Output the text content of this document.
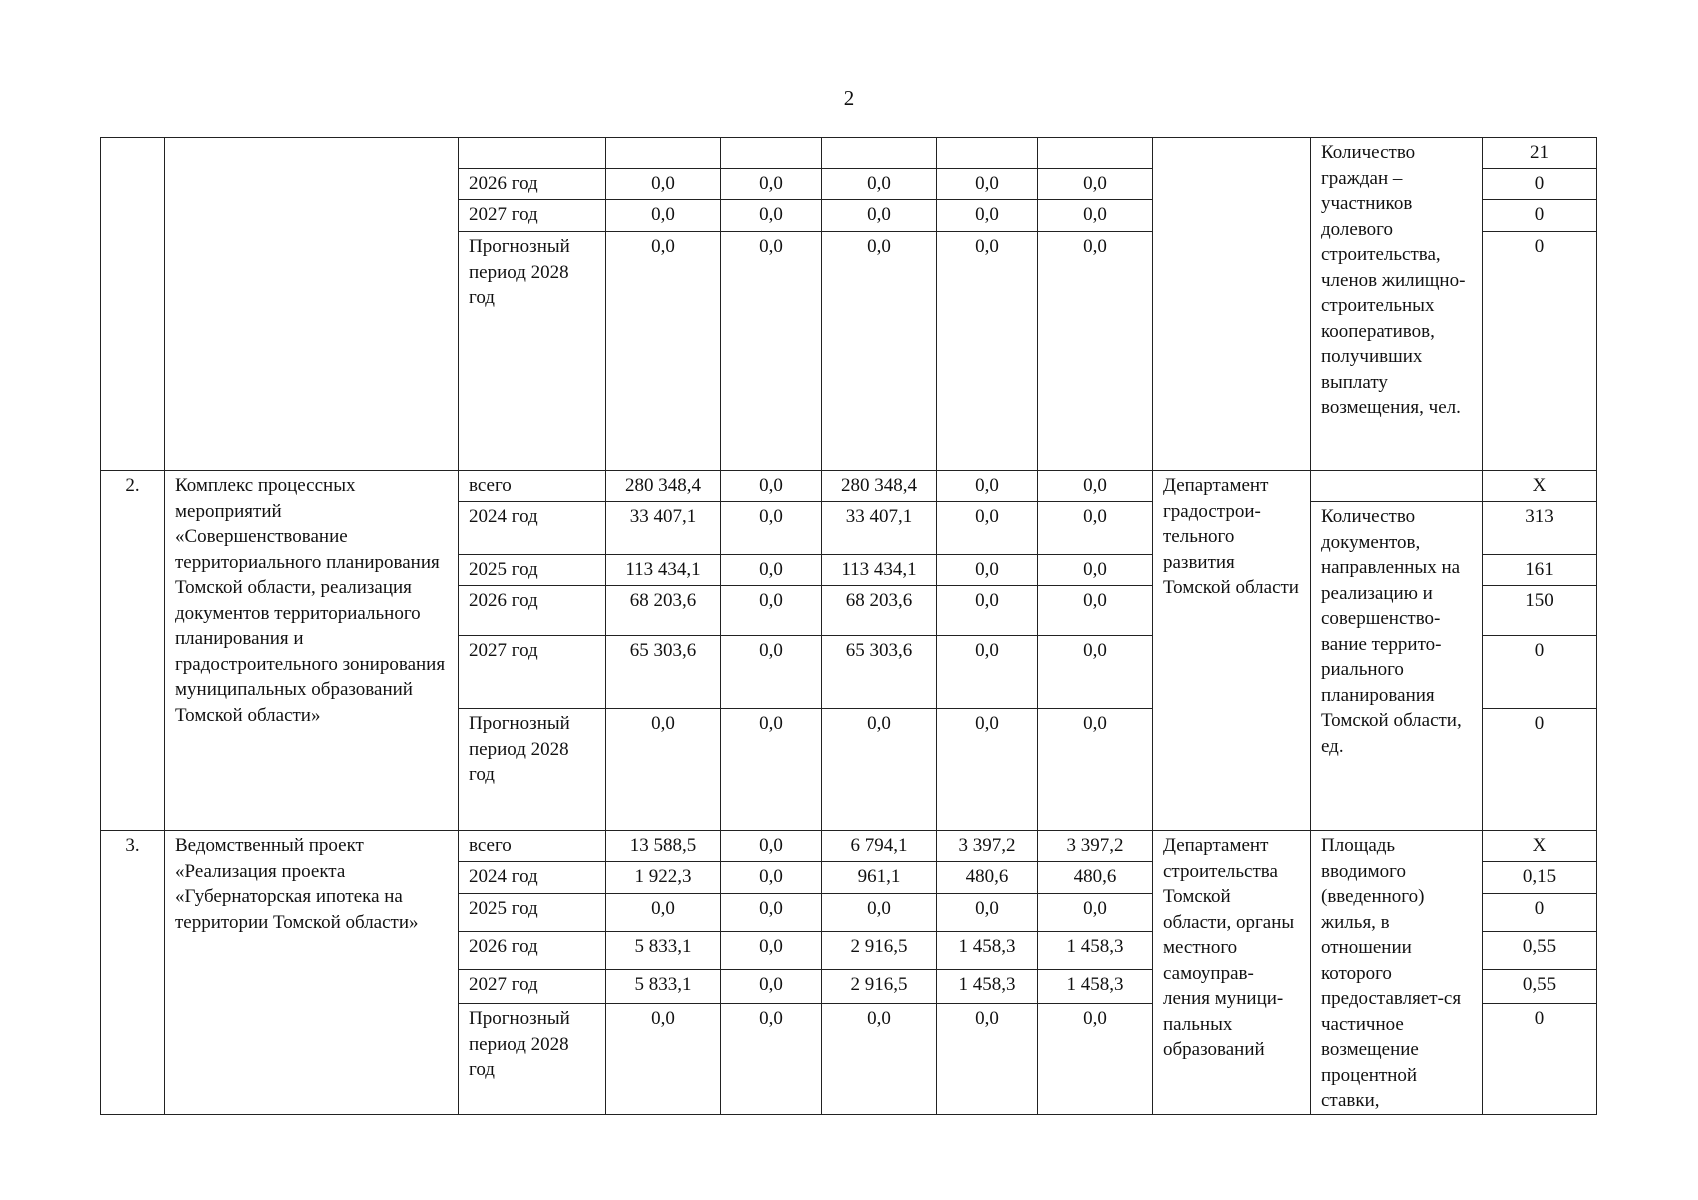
2
									Количество граждан – участников долевого строительства, членов жилищно-строительных кооперативов, получивших выплату возмещения, чел.	21
		2026 год	0,0	0,0	0,0	0,0	0,0			0
		2027 год	0,0	0,0	0,0	0,0	0,0			0
		Прогнозный период 2028 год	0,0	0,0	0,0	0,0	0,0			0
2.	Комплекс процессных мероприятий «Совершенствование территориального планирования Томской области, реализация документов территориального планирования и градостроительного зонирования муниципальных образований Томской области»	всего	280 348,4	0,0	280 348,4	0,0	0,0	Департамент градострои-тельного развития Томской области		Х
		2024 год	33 407,1	0,0	33 407,1	0,0	0,0		Количество документов, направленных на реализацию и совершенство-вание террито-риального планирования Томской области, ед.	313
		2025 год	113 434,1	0,0	113 434,1	0,0	0,0			161
		2026 год	68 203,6	0,0	68 203,6	0,0	0,0			150
		2027 год	65 303,6	0,0	65 303,6	0,0	0,0			0
		Прогнозный период 2028 год	0,0	0,0	0,0	0,0	0,0			0
3.	Ведомственный проект «Реализация проекта «Губернаторская ипотека на территории Томской области»	всего	13 588,5	0,0	6 794,1	3 397,2	3 397,2	Департамент строительства Томской области, органы местного самоуправ-ления муници-пальных образований	Площадь вводимого (введенного) жилья, в отношении которого предоставляет-ся частичное возмещение процентной ставки,	Х
		2024 год	1 922,3	0,0	961,1	480,6	480,6			0,15
		2025 год	0,0	0,0	0,0	0,0	0,0			0
		2026 год	5 833,1	0,0	2 916,5	1 458,3	1 458,3			0,55
		2027 год	5 833,1	0,0	2 916,5	1 458,3	1 458,3			0,55
		Прогнозный период 2028 год	0,0	0,0	0,0	0,0	0,0			0
